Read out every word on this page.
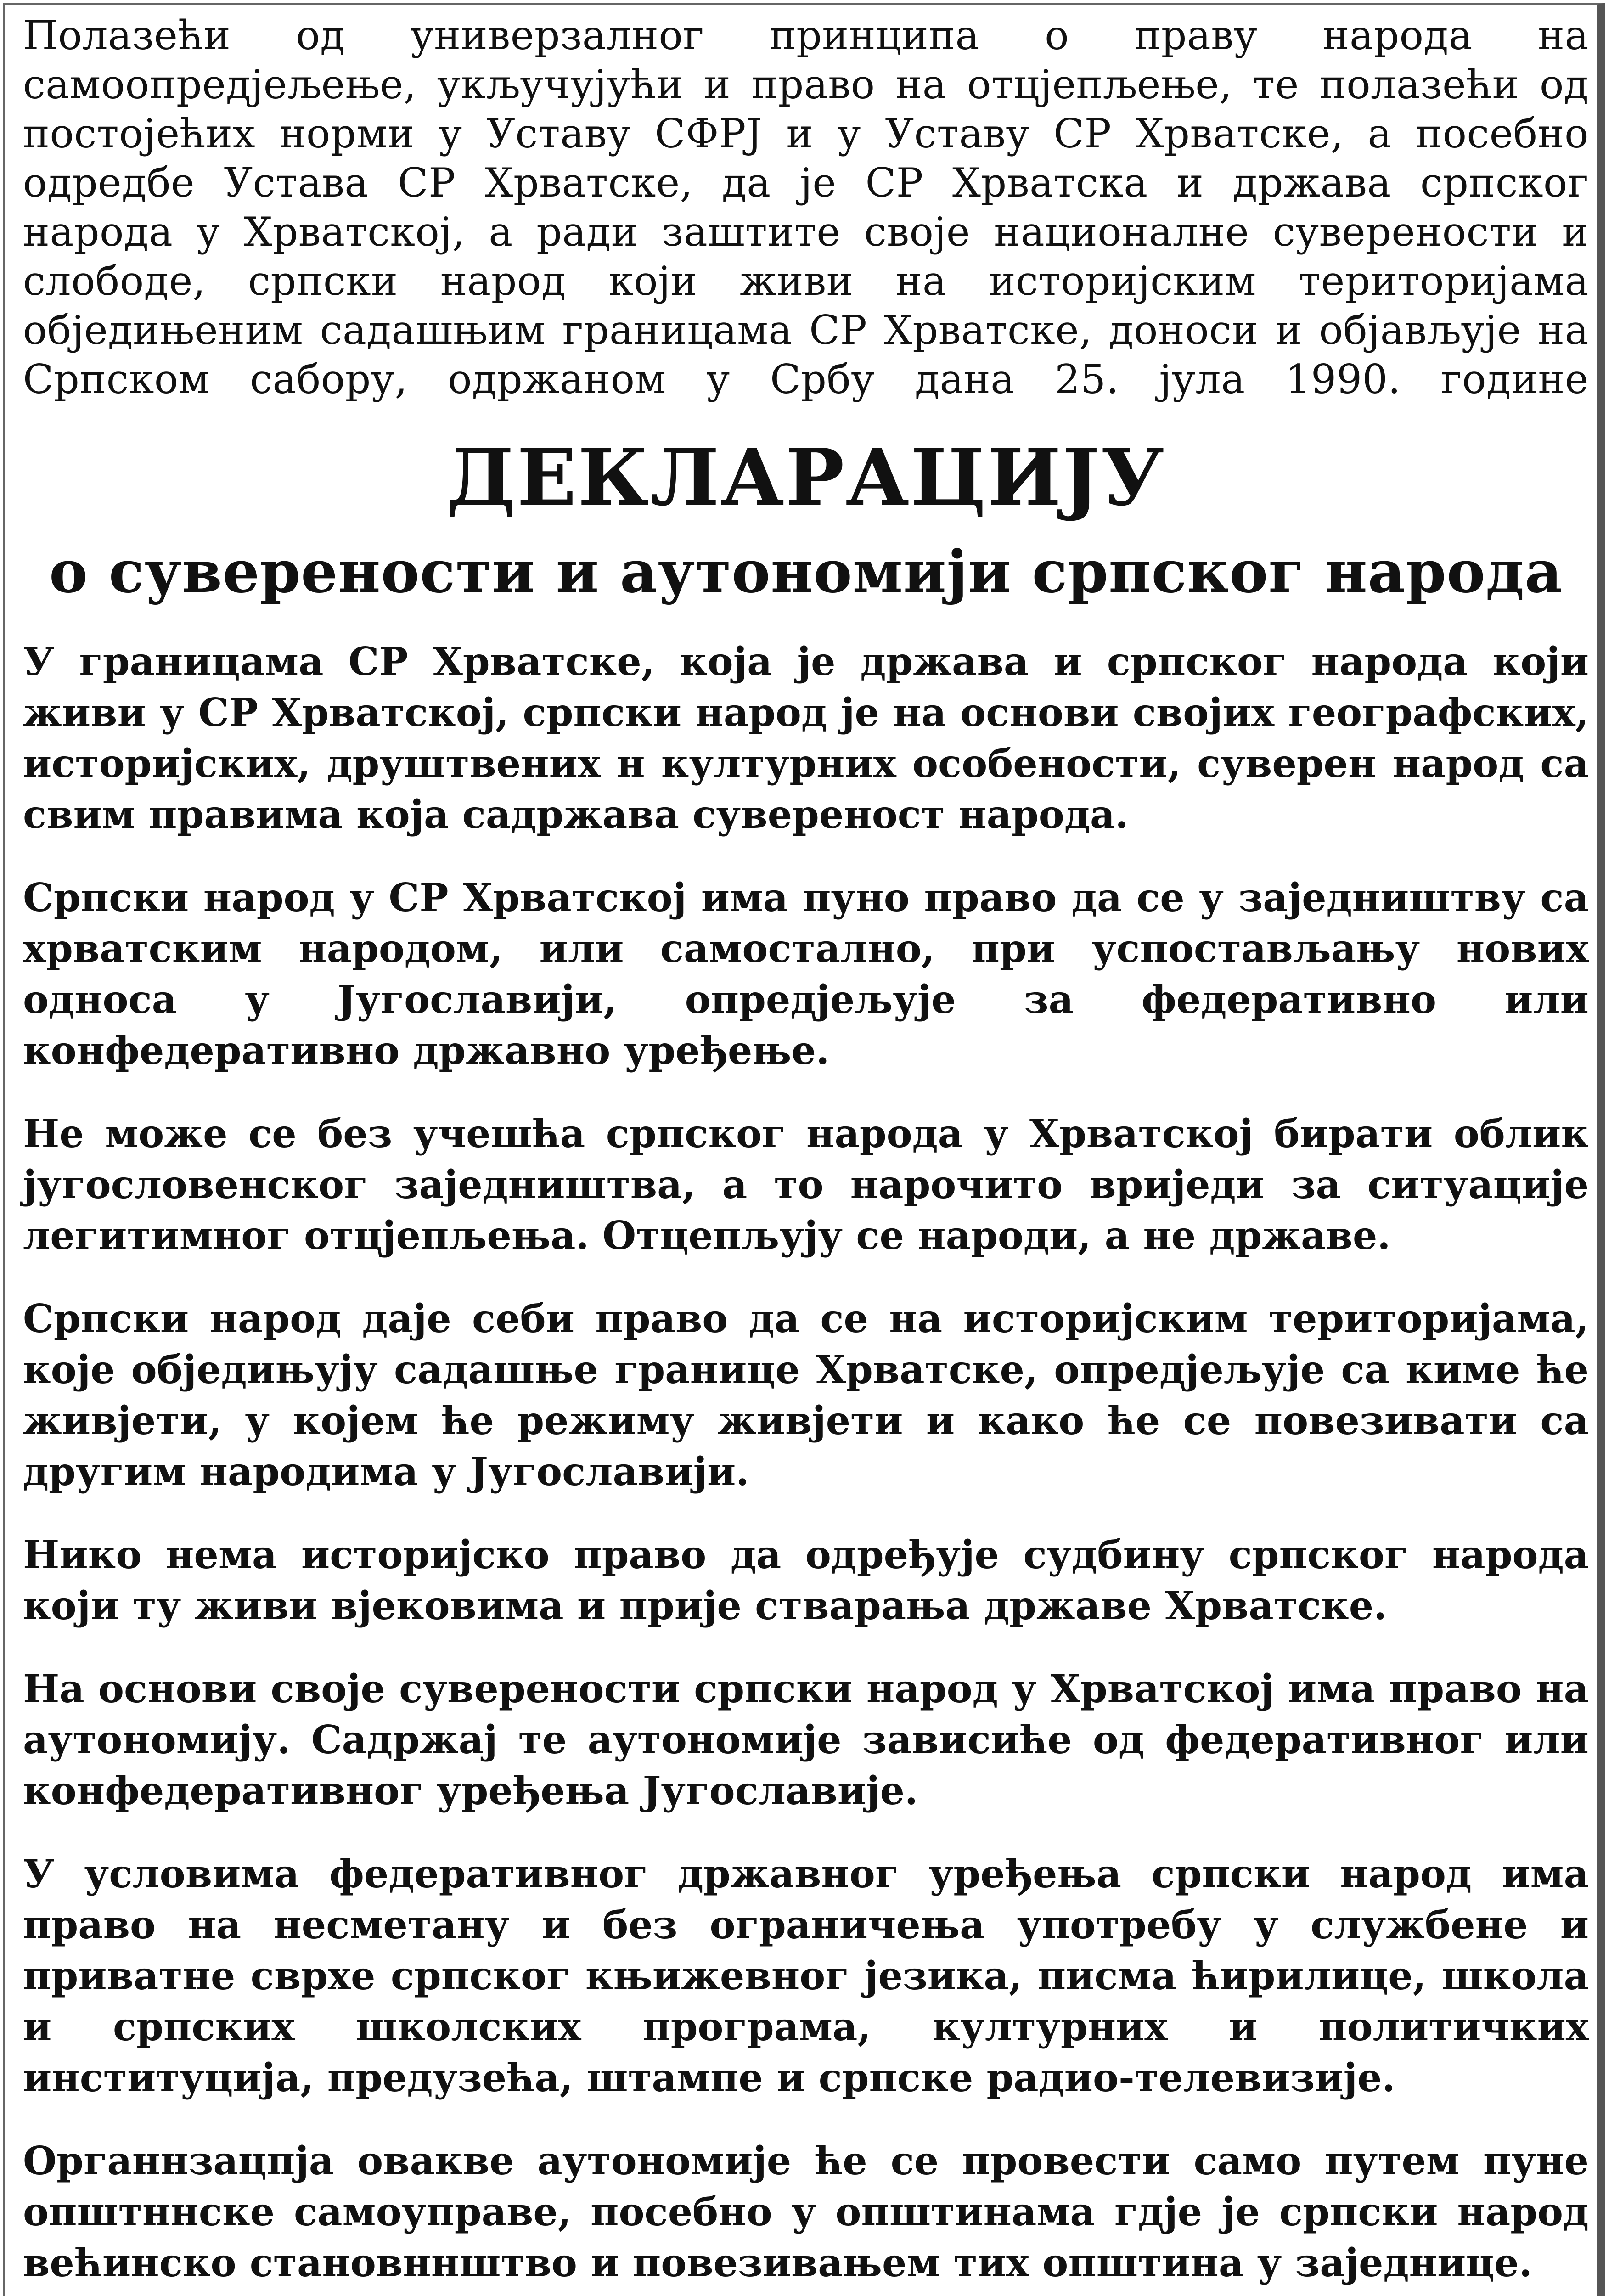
Полазећи од универзалног принципа о праву народа на самоопредјељење, укључујући и право на отцјепљење, те полазећи од постојећих норми у Уставу СФРЈ и у Уставу СР Хрватске, а посебно одредбе Устава СР Хрватске, да је СР Хрватска и држава српског народа у Хрватској, а ради заштите своје националне суверености и слободе, српски народ који живи на историјским територијама обједињеним садашњим границама СР Хрватске, доноси и објављује на Српском сабору, одржаном у Србу дана 25. јула 1990. године

ДЕКЛАРАЦИЈУ
о суверености и аутономији српског народа

У границама СР Хрватске, која је држава и српског народа који живи у СР Хрватској, српски народ је на основи својих географских, историјских, друштвених н културних особености, суверен народ са свим правима која садржава суверенoст народа.

Српски народ у СР Хрватској има пуно право да се у заједништву са хрватским народом, или самостално, при успостављању нових односа у Југославији, опредјељује за федеративно или конфедеративно државно уређење.

Не може се без учешћа српског народа у Хрватској бирати облик југословенског заједништва, а то нарочито вриједи за ситуације легитимног отцјепљења. Отцепљују се народи, а не државе.

Српски народ даје себи право да се на историјским територијама, које обједињују садашње границе Хрватске, опредјељује са киме ће живјети, у којем ће режиму живјети и како ће се повезивати са другим народима у Југославији.

Нико нема историјско право да одређује судбину српског народа који ту живи вјековима и прије стварања државе Хрватске.

На основи своје суверености српски народ у Хрватској има право на аутономију. Садржај те аутономије зависиће од федеративног или конфедеративног уређења Југославије.

У условима федеративног државног уређења српски народ има право на несметану и без ограничења употребу у службене и приватне сврхе српског књижевног језика, писма ћирилице, школа и српских школских програма, културних и политичких институција, предузећа, штампе и српске радио-телевизије.

Органнзацпја овакве аутономије ће се провести само путем пуне општннске самоуправе, посебно у општинама гдје је српски народ већинско становннштво и повезивањем тих општина у заједнице.
